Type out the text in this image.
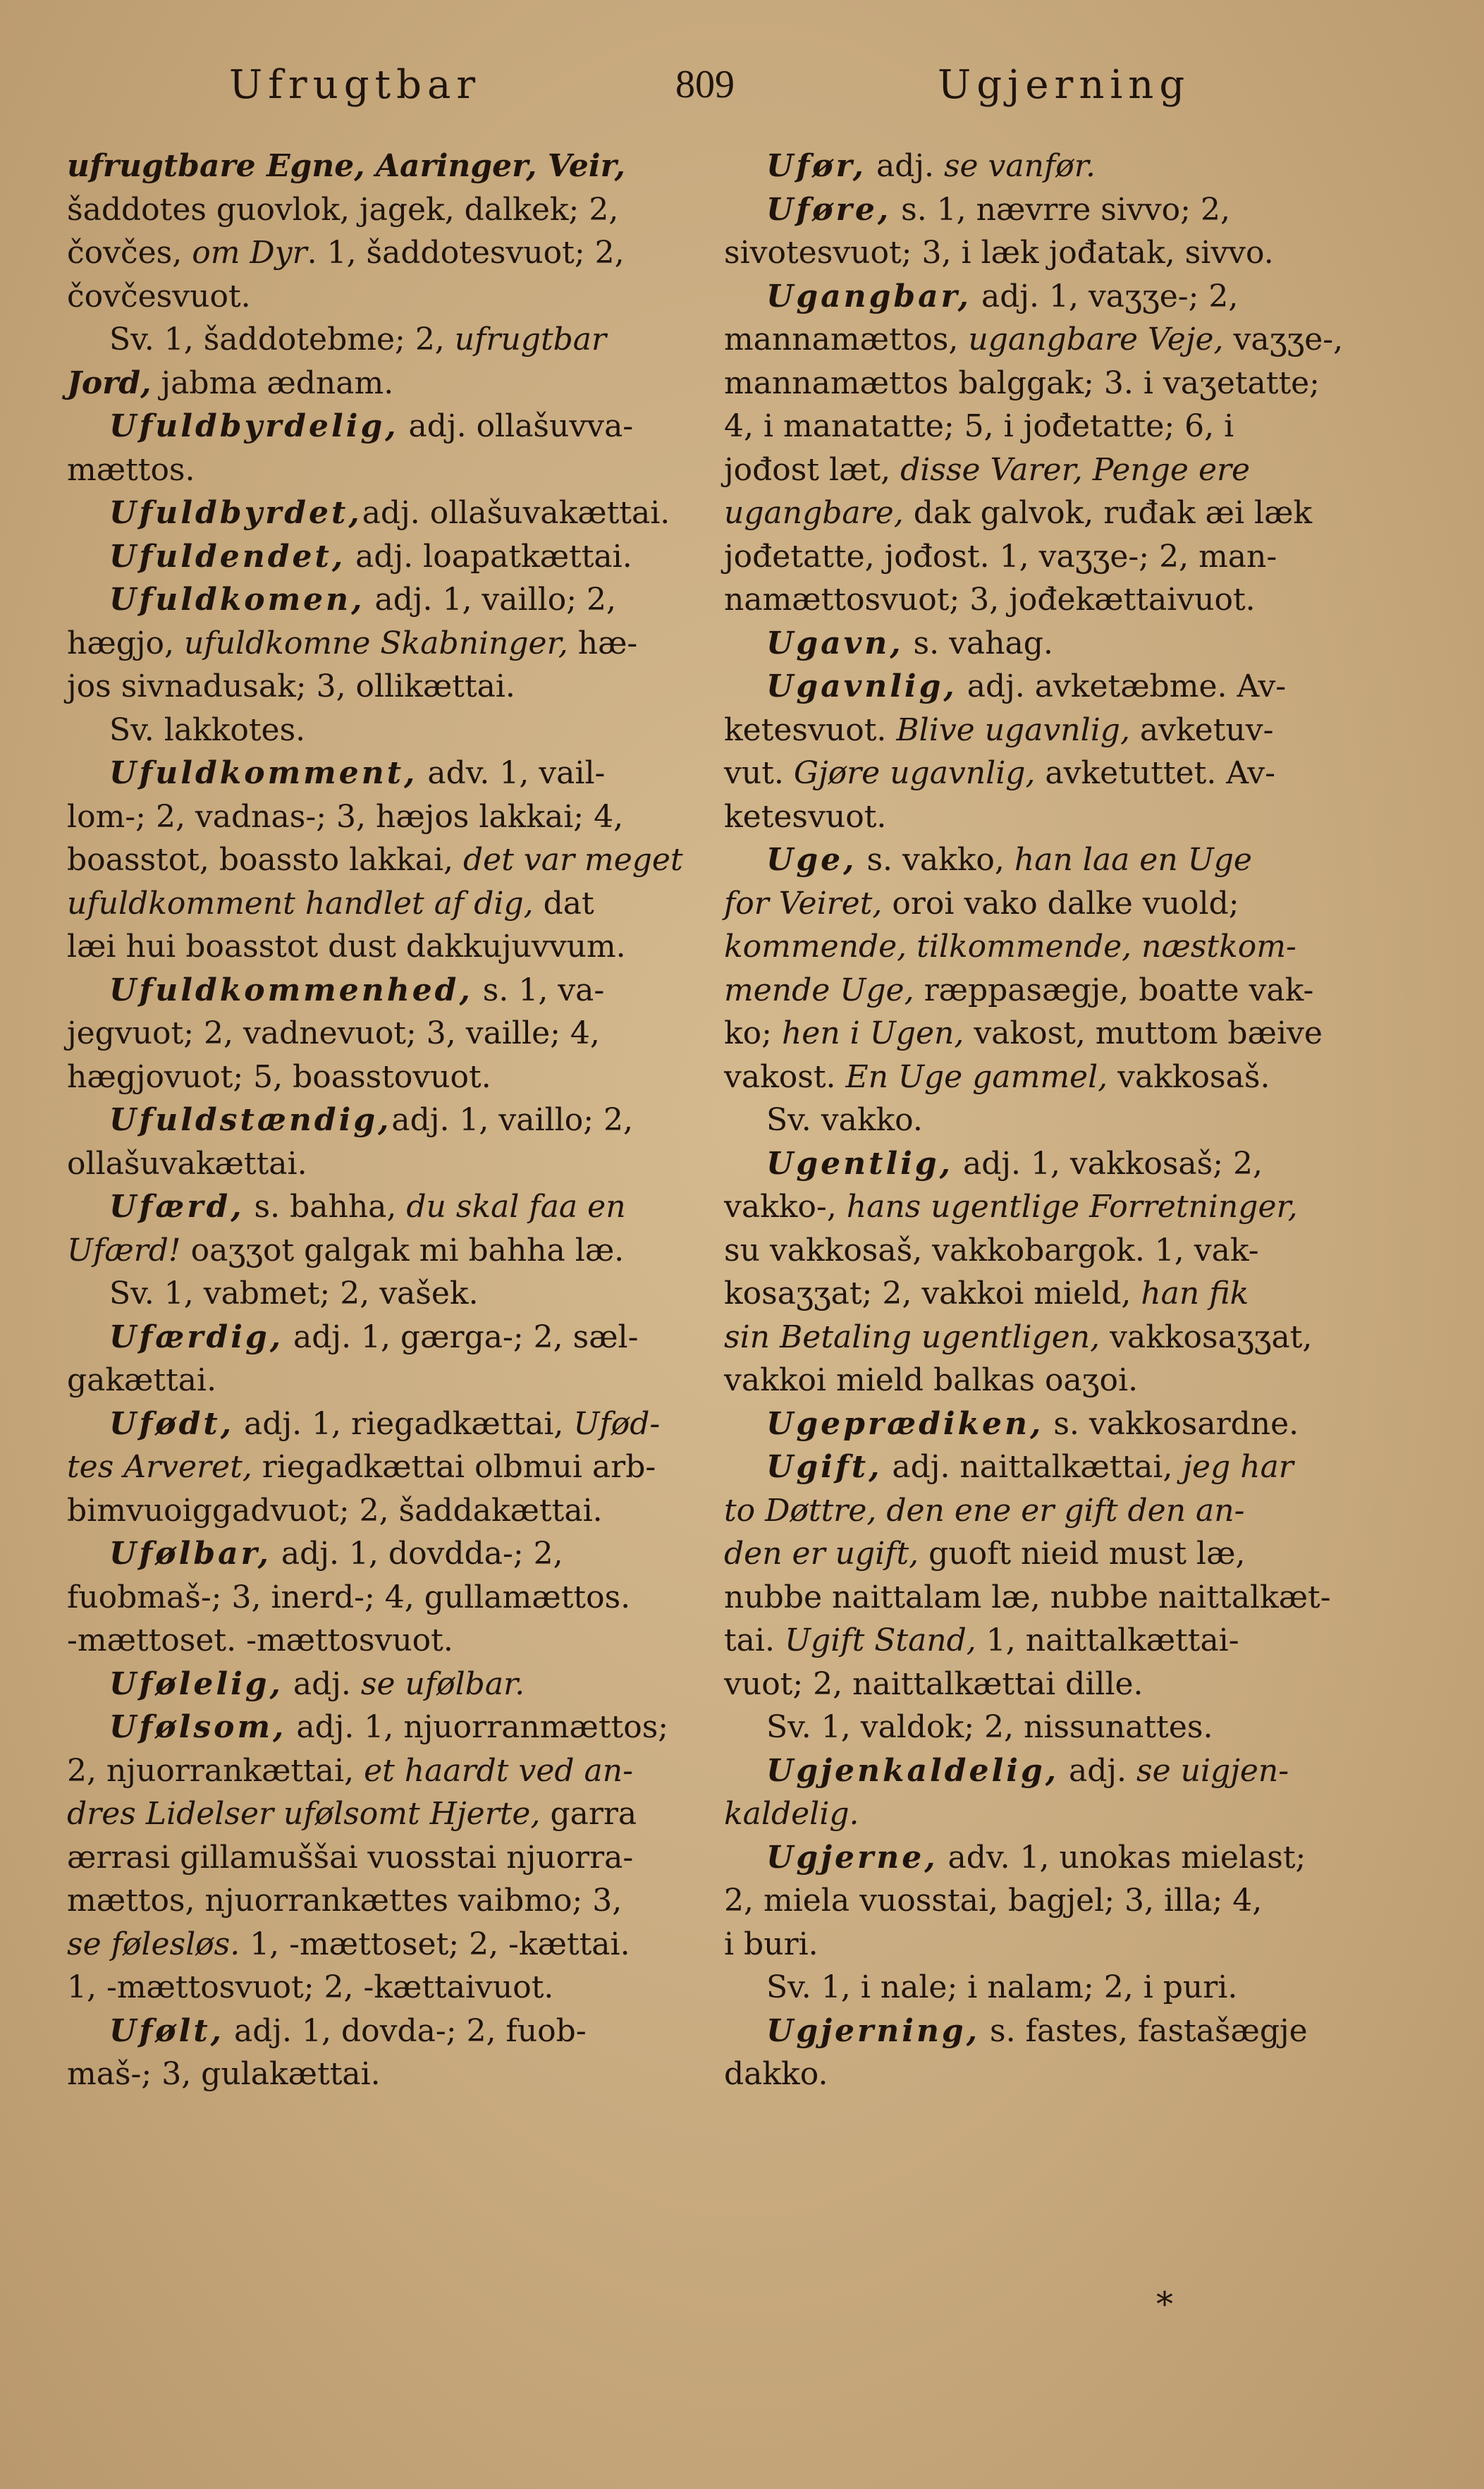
Ufrugtbar	809	Ugjerning
ufrugtbare Egne, Aaringer, Veir,
šaddotes guovlok, jagek, dalkek; 2,
čovčes, om Dyr. 1, šaddotesvuot; 2,
čovčesvuot.
Sv. 1, šaddotebme; 2, ufrugtbar
Jord, jabma ædnam.
Ufuldbyrdelig, adj. ollašuvva-
mættos.
Ufuldbyrdet,adj. ollašuvakættai.
Ufuldendet, adj. loapatkættai.
Ufuldkomen, adj. 1, vaillo; 2,
hægjo, ufuldkomne Skabninger, hæ-
jos sivnadusak; 3, ollikættai.
Sv. lakkotes.
Ufuldkomment, adv. 1, vail-
lom-; 2, vadnas-; 3, hæjos lakkai; 4,
boasstot, boassto lakkai, det var meget
ufuldkomment handlet af dig, dat
læi hui boasstot dust dakkujuvvum.
Ufuldkommenhed, s. 1, va-
jegvuot; 2, vadnevuot; 3, vaille; 4,
hægjovuot; 5, boasstovuot.
Ufuldstændig,adj. 1, vaillo; 2,
ollašuvakættai.
Ufærd, s. bahha, du skal faa en
Ufærd! oaʒʒot galgak mi bahha læ.
Sv. 1, vabmet; 2, vašek.
Ufærdig, adj. 1, gærga-; 2, sæl-
gakættai.
Ufødt, adj. 1, riegadkættai, Ufød-
tes Arveret, riegadkættai olbmui arb-
bimvuoiggadvuot; 2, šaddakættai.
Ufølbar, adj. 1, dovdda-; 2,
fuobmaš-; 3, inerd-; 4, gullamættos.
-mættoset. -mættosvuot.
Ufølelig, adj. se ufølbar.
Ufølsom, adj. 1, njuorranmættos;
2, njuorrankættai, et haardt ved an-
dres Lidelser ufølsomt Hjerte, garra
ærrasi gillamuššai vuosstai njuorra-
mættos, njuorrankættes vaibmo; 3,
se følesløs. 1, -mættoset; 2, -kættai.
1, -mættosvuot; 2, -kættaivuot.
Ufølt, adj. 1, dovda-; 2, fuob-
maš-; 3, gulakættai.
Ufør, adj. se vanfør.
Uføre, s. 1, nævrre sivvo; 2,
sivotesvuot; 3, i læk jođatak, sivvo.
Ugangbar, adj. 1, vaʒʒe-; 2,
mannamættos, ugangbare Veje, vaʒʒe-,
mannamættos balggak; 3. i vaʒetatte;
4, i manatatte; 5, i jođetatte; 6, i
jođost læt, disse Varer, Penge ere
ugangbare, dak galvok, ruđak æi læk
jođetatte, jođost. 1, vaʒʒe-; 2, man-
namættosvuot; 3, jođekættaivuot.
Ugavn, s. vahag.
Ugavnlig, adj. avketæbme. Av-
ketesvuot. Blive ugavnlig, avketuv-
vut. Gjøre ugavnlig, avketuttet. Av-
ketesvuot.
Uge, s. vakko, han laa en Uge
for Veiret, oroi vako dalke vuold;
kommende, tilkommende, næstkom-
mende Uge, ræppasægje, boatte vak-
ko; hen i Ugen, vakost, muttom bæive
vakost. En Uge gammel, vakkosaš.
Sv. vakko.
Ugentlig, adj. 1, vakkosaš; 2,
vakko-, hans ugentlige Forretninger,
su vakkosaš, vakkobargok. 1, vak-
kosaʒʒat; 2, vakkoi mield, han fik
sin Betaling ugentligen, vakkosaʒʒat,
vakkoi mield balkas oaʒoi.
Ugeprædiken, s. vakkosardne.
Ugift, adj. naittalkættai, jeg har
to Døttre, den ene er gift den an-
den er ugift, guoft nieid must læ,
nubbe naittalam læ, nubbe naittalkæt-
tai. Ugift Stand, 1, naittalkættai-
vuot; 2, naittalkættai dille.
Sv. 1, valdok; 2, nissunattes.
Ugjenkaldelig, adj. se uigjen-
kaldelig.
Ugjerne, adv. 1, unokas mielast;
2, miela vuosstai, bagjel; 3, illa; 4,
i buri.
Sv. 1, i nale; i nalam; 2, i puri.
Ugjerning, s. fastes, fastašægje
dakko.
*
